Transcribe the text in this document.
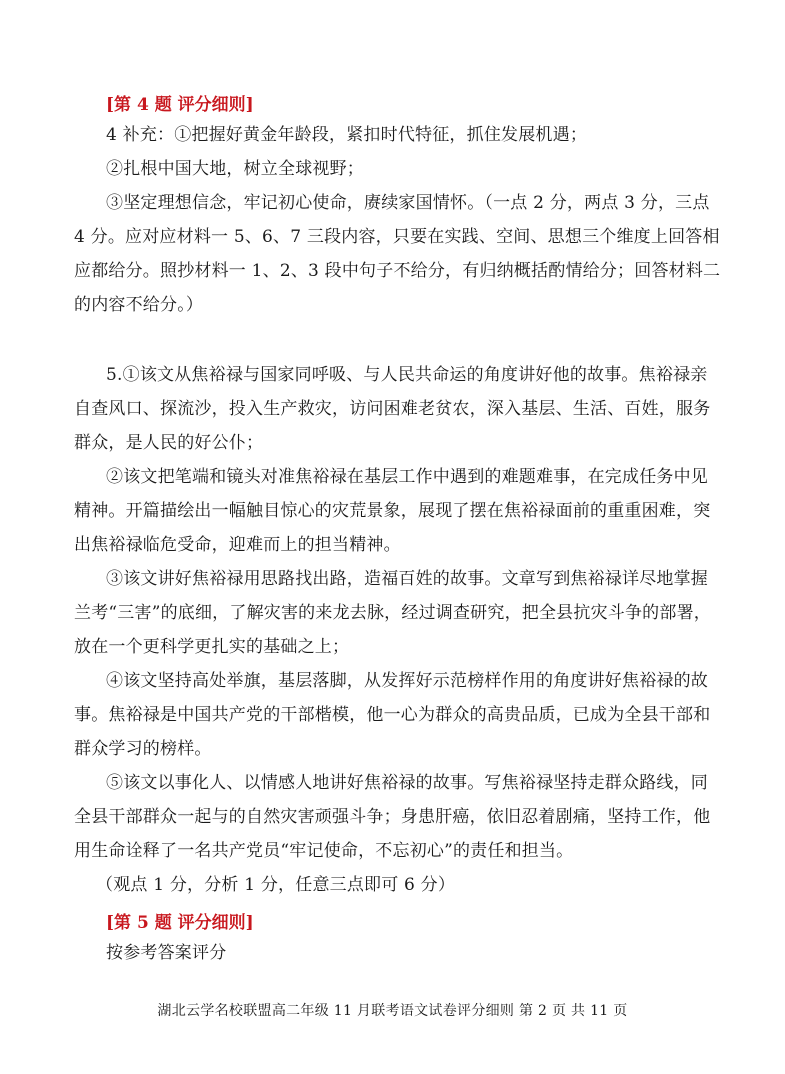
[第 4 题 评分细则]
4 补充：①把握好黄金年龄段，紧扣时代特征，抓住发展机遇；
②扎根中国大地，树立全球视野；
③坚定理想信念，牢记初心使命，赓续家国情怀。（一点 2 分，两点 3 分，三点
4 分。应对应材料一 5、6、7 三段内容，只要在实践、空间、思想三个维度上回答相
应都给分。照抄材料一 1、2、3 段中句子不给分，有归纳概括酌情给分；回答材料二
的内容不给分。）
5.①该文从焦裕禄与国家同呼吸、与人民共命运的角度讲好他的故事。焦裕禄亲
自查风口、探流沙，投入生产救灾，访问困难老贫农，深入基层、生活、百姓，服务
群众，是人民的好公仆；
②该文把笔端和镜头对准焦裕禄在基层工作中遇到的难题难事，在完成任务中见
精神。开篇描绘出一幅触目惊心的灾荒景象，展现了摆在焦裕禄面前的重重困难，突
出焦裕禄临危受命，迎难而上的担当精神。
③该文讲好焦裕禄用思路找出路，造福百姓的故事。文章写到焦裕禄详尽地掌握
兰考“三害”的底细，了解灾害的来龙去脉，经过调查研究，把全县抗灾斗争的部署，
放在一个更科学更扎实的基础之上；
④该文坚持高处举旗，基层落脚，从发挥好示范榜样作用的角度讲好焦裕禄的故
事。焦裕禄是中国共产党的干部楷模，他一心为群众的高贵品质，已成为全县干部和
群众学习的榜样。
⑤该文以事化人、以情感人地讲好焦裕禄的故事。写焦裕禄坚持走群众路线，同
全县干部群众一起与的自然灾害顽强斗争；身患肝癌，依旧忍着剧痛，坚持工作，他
用生命诠释了一名共产党员“牢记使命，不忘初心”的责任和担当。
（观点 1 分，分析 1 分，任意三点即可 6 分）
[第 5 题 评分细则]
按参考答案评分
湖北云学名校联盟高二年级 11 月联考语文试卷评分细则 第 2 页 共 11 页
